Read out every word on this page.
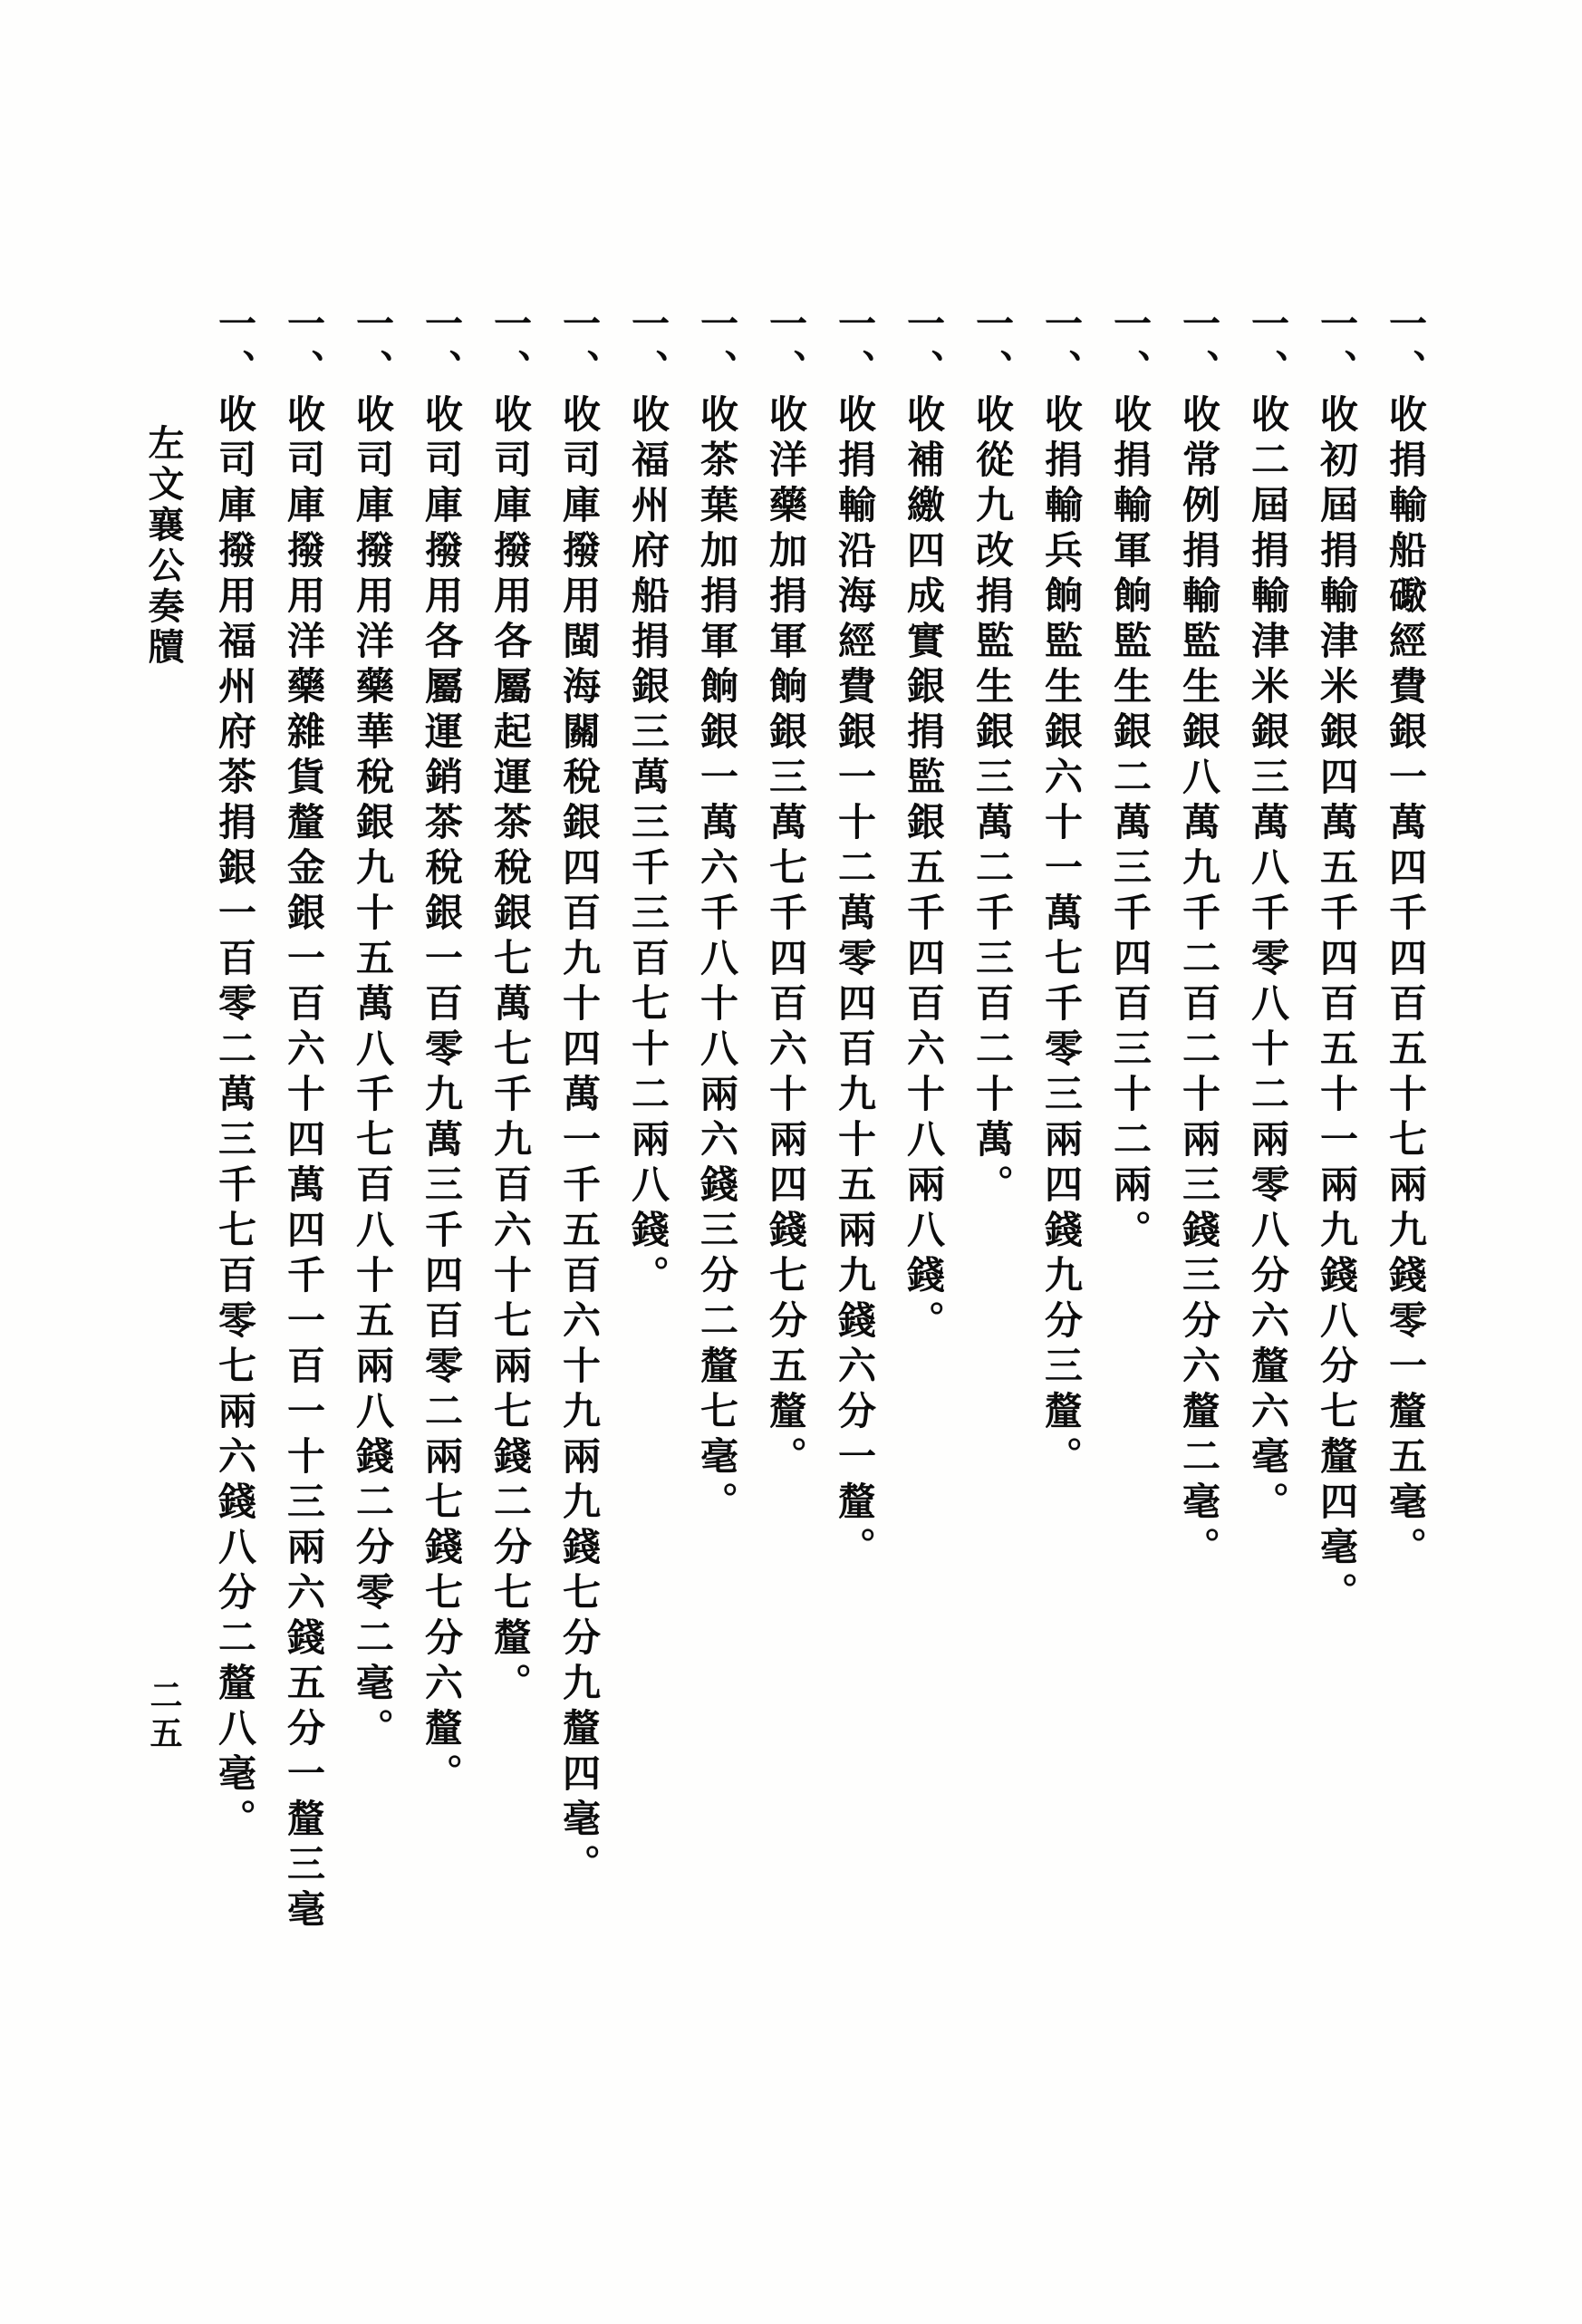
一、收捐輸船礮經費銀一萬四千四百五十七兩九錢零一釐五毫。
一、收初屆捐輸津米銀四萬五千四百五十一兩九錢八分七釐四毫。
一、收二屆捐輸津米銀三萬八千零八十二兩零八分六釐六毫。
一、收常例捐輸監生銀八萬九千二百二十兩三錢三分六釐二毫。
一、收捐輸軍餉監生銀二萬三千四百三十二兩。
一、收捐輸兵餉監生銀六十一萬七千零三兩四錢九分三釐。
一、收從九改捐監生銀三萬二千三百二十萬。
一、收補繳四成實銀捐監銀五千四百六十八兩八錢。
一、收捐輸沿海經費銀一十二萬零四百九十五兩九錢六分一釐。
一、收洋藥加捐軍餉銀三萬七千四百六十兩四錢七分五釐。
一、收茶葉加捐軍餉銀一萬六千八十八兩六錢三分二釐七毫。
一、收福州府船捐銀三萬三千三百七十二兩八錢。
一、收司庫撥用閩海關稅銀四百九十四萬一千五百六十九兩九錢七分九釐四毫。
一、收司庫撥用各屬起運茶稅銀七萬七千九百六十七兩七錢二分七釐。
一、收司庫撥用各屬運銷茶稅銀一百零九萬三千四百零二兩七錢七分六釐。
一、收司庫撥用洋藥華稅銀九十五萬八千七百八十五兩八錢二分零二毫。
一、收司庫撥用洋藥雜貨釐金銀一百六十四萬四千一百一十三兩六錢五分一釐三毫
一、收司庫撥用福州府茶捐銀一百零二萬三千七百零七兩六錢八分二釐八毫。
左文襄公奏牘
二五
